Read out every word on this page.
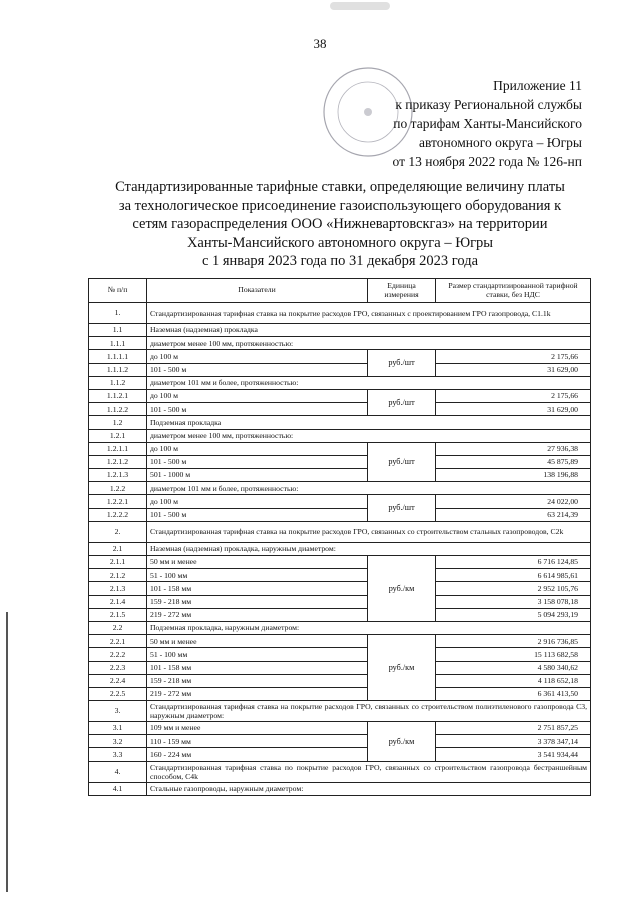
38
Приложение 11
к приказу Региональной службы
по тарифам Ханты-Мансийского
автономного округа – Югры
от 13 ноября 2022 года № 126-нп
Стандартизированные тарифные ставки, определяющие величину платы
за технологическое присоединение газоиспользующего оборудования к
сетям газораспределения ООО «Нижневартовскгаз» на территории
Ханты-Мансийского автономного округа – Югры
с 1 января 2023 года по 31 декабря 2023 года
№ п/п	Показатели	Единица измерения	Размер стандартизированной тарифной ставки, без НДС
1.	Стандартизированная тарифная ставка на покрытие расходов ГРО, связанных с проектированием ГРО газопровода, C1.1k		
1.1	Наземная (надземная) прокладка		
1.1.1	диаметром менее 100 мм, протяженностью:		
1.1.1.1	до 100 м	руб./шт	2 175,66
1.1.1.2	101 - 500 м		31 629,00
1.1.2	диаметром 101 мм и более, протяженностью:		
1.1.2.1	до 100 м	руб./шт	2 175,66
1.1.2.2	101 - 500 м		31 629,00
1.2	Подземная прокладка		
1.2.1	диаметром менее 100 мм, протяженностью:		
1.2.1.1	до 100 м	руб./шт	27 936,38
1.2.1.2	101 - 500 м		45 875,89
1.2.1.3	501 - 1000 м		138 196,88
1.2.2	диаметром 101 мм и более, протяженностью:		
1.2.2.1	до 100 м	руб./шт	24 022,00
1.2.2.2	101 - 500 м		63 214,39
2.	Стандартизированная тарифная ставка на покрытие расходов ГРО, связанных со строительством стальных газопроводов, C2k		
2.1	Наземная (надземная) прокладка, наружным диаметром:		
2.1.1	50 мм и менее	руб./км	6 716 124,85
2.1.2	51 - 100 мм		6 614 985,61
2.1.3	101 - 158 мм		2 952 105,76
2.1.4	159 - 218 мм		3 158 078,18
2.1.5	219 - 272 мм		5 094 293,19
2.2	Подземная прокладка, наружным диаметром:		
2.2.1	50 мм и менее	руб./км	2 916 736,85
2.2.2	51 - 100 мм		15 113 682,58
2.2.3	101 - 158 мм		4 580 340,62
2.2.4	159 - 218 мм		4 118 652,18
2.2.5	219 - 272 мм		6 361 413,50
3.	Стандартизированная тарифная ставка на покрытие расходов ГРО, связанных со строительством полиэтиленового газопровода C3, наружным диаметром:		
3.1	109 мм и менее	руб./км	2 751 857,25
3.2	110 - 159 мм		3 378 347,14
3.3	160 - 224 мм		3 541 934,44
4.	Стандартизированная тарифная ставка по покрытие расходов ГРО, связанных со строительством газопровода бестраншейным способом, C4k		
4.1	Стальные газопроводы, наружным диаметром:		
